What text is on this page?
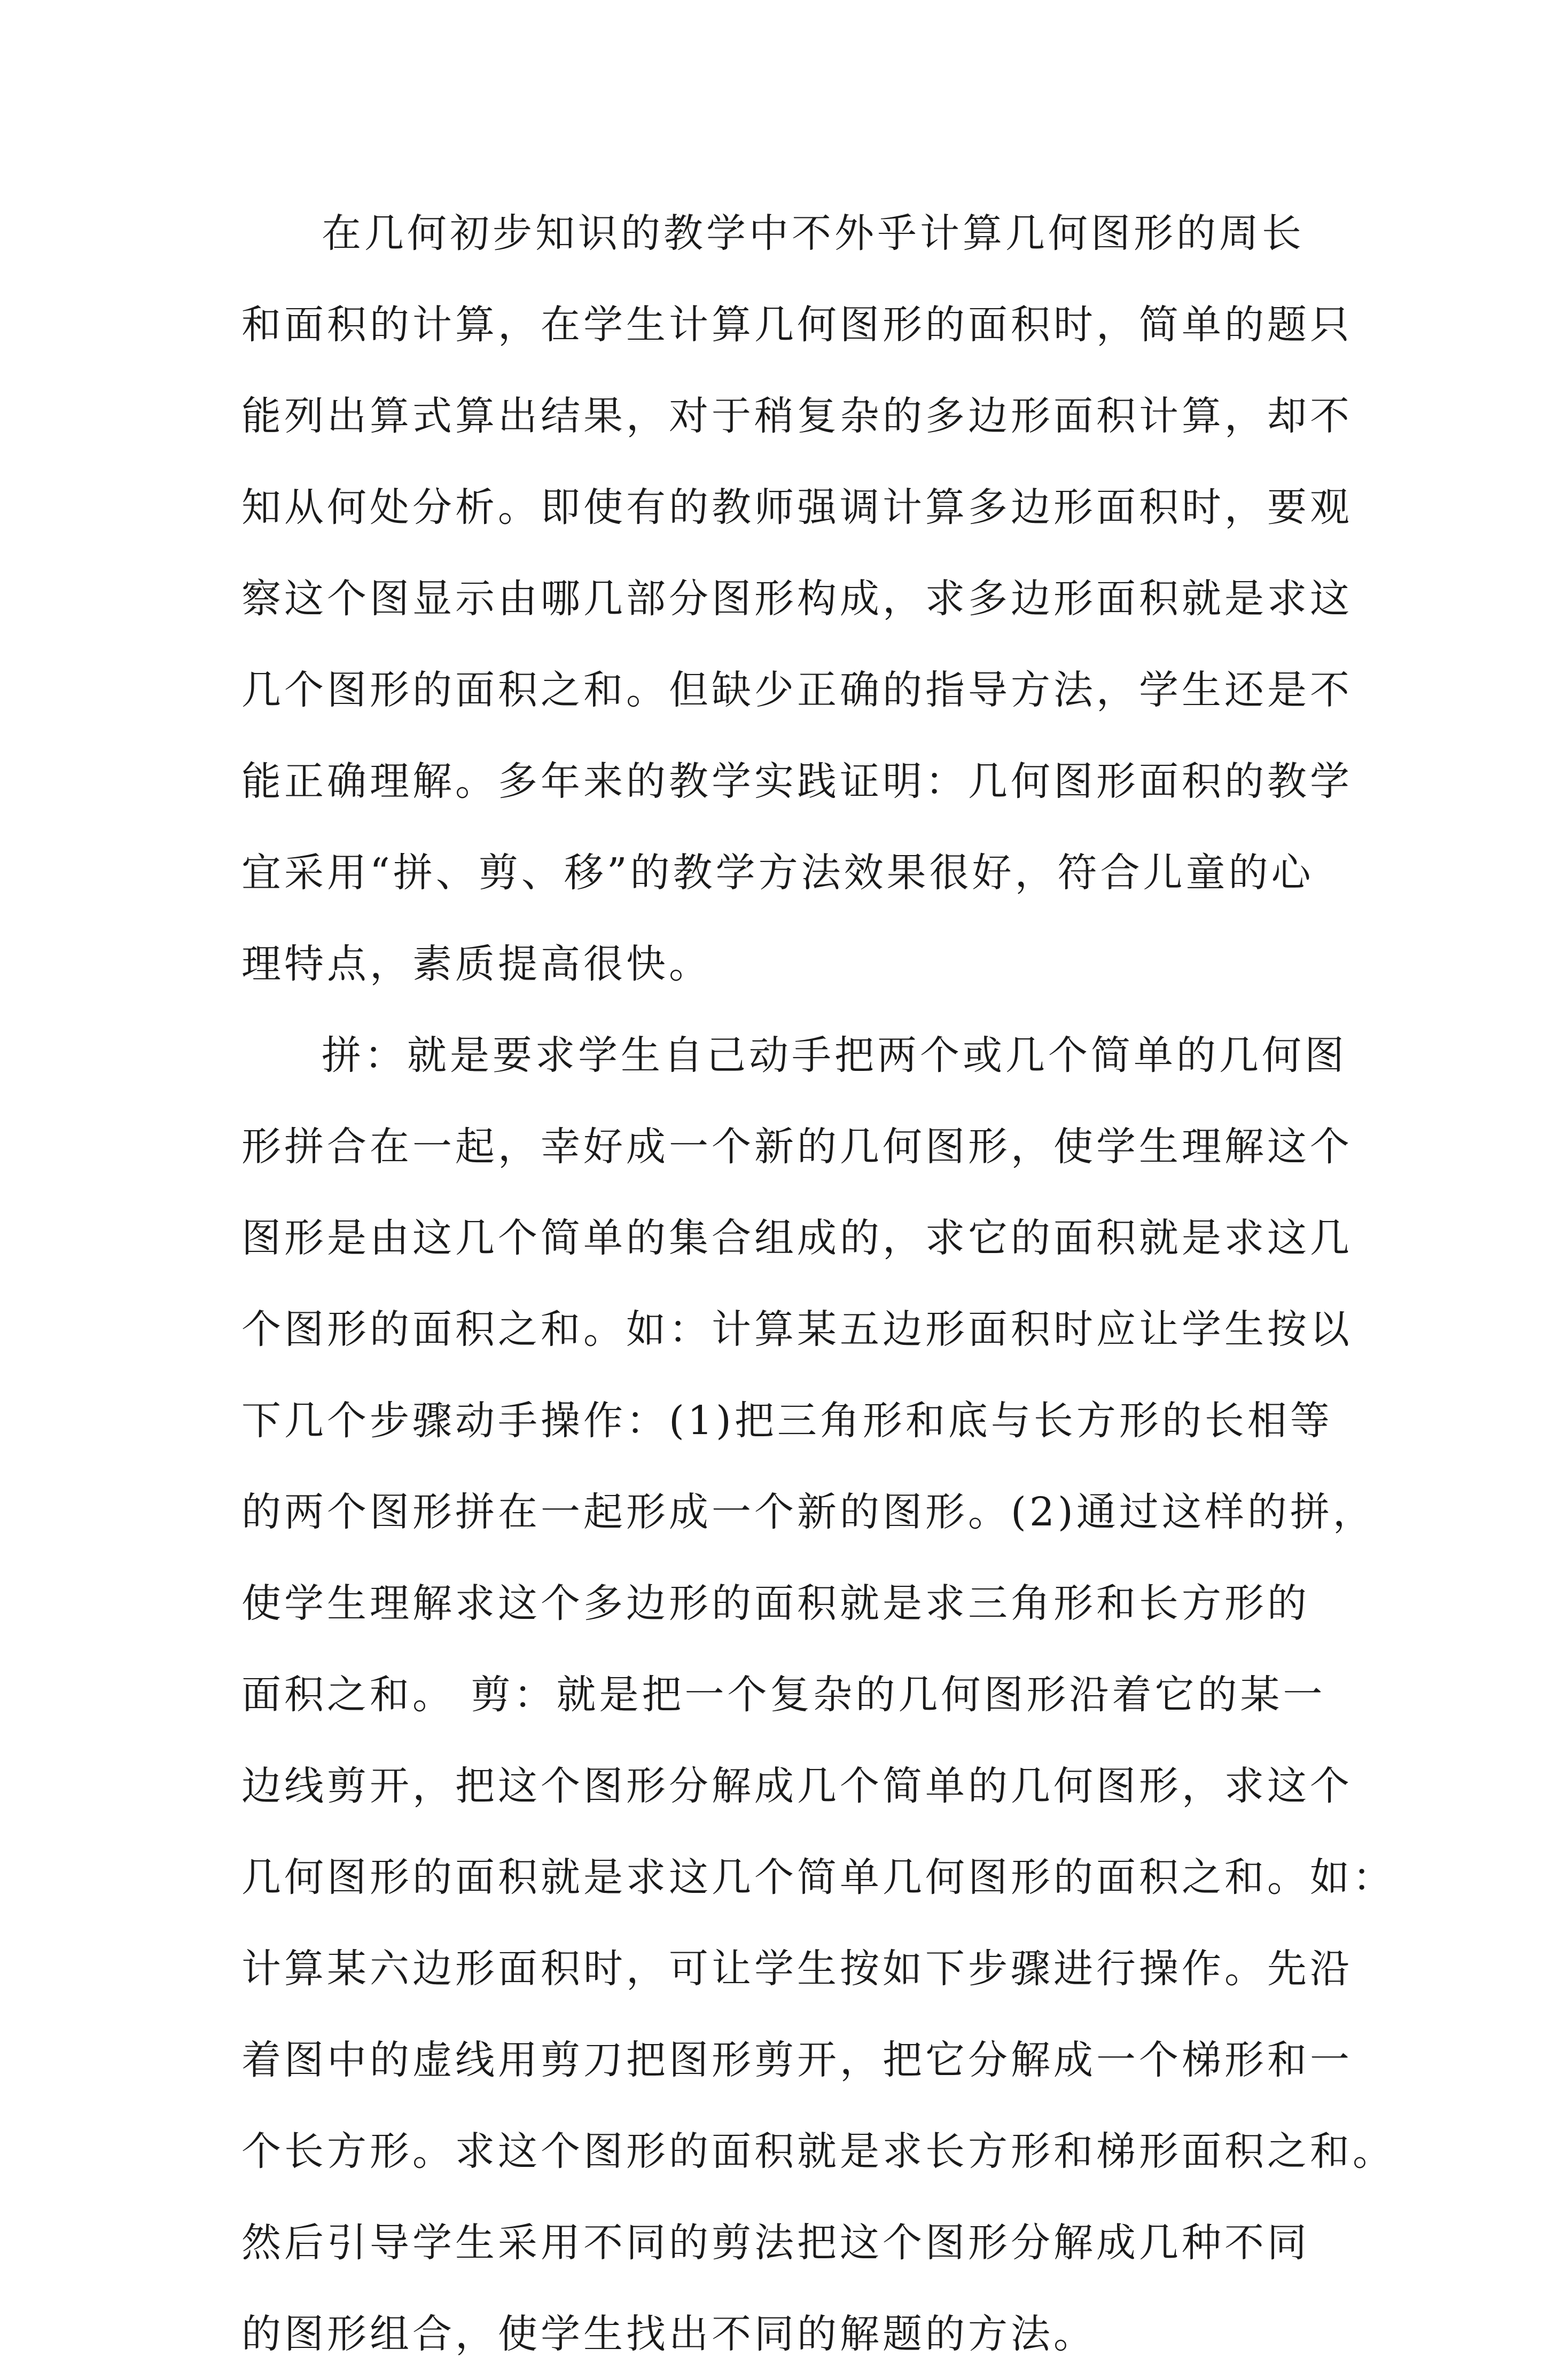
在几何初步知识的教学中不外乎计算几何图形的周长
和面积的计算，在学生计算几何图形的面积时，简单的题只
能列出算式算出结果，对于稍复杂的多边形面积计算，却不
知从何处分析。即使有的教师强调计算多边形面积时，要观
察这个图显示由哪几部分图形构成，求多边形面积就是求这
几个图形的面积之和。但缺少正确的指导方法，学生还是不
能正确理解。多年来的教学实践证明：几何图形面积的教学
宜采用“拼、剪、移”的教学方法效果很好，符合儿童的心
理特点，素质提高很快。
拼：就是要求学生自己动手把两个或几个简单的几何图
形拼合在一起，幸好成一个新的几何图形，使学生理解这个
图形是由这几个简单的集合组成的，求它的面积就是求这几
个图形的面积之和。如：计算某五边形面积时应让学生按以
下几个步骤动手操作：(1)把三角形和底与长方形的长相等
的两个图形拼在一起形成一个新的图形。(2)通过这样的拼，
使学生理解求这个多边形的面积就是求三角形和长方形的
面积之和。 剪：就是把一个复杂的几何图形沿着它的某一
边线剪开，把这个图形分解成几个简单的几何图形，求这个
几何图形的面积就是求这几个简单几何图形的面积之和。如：
计算某六边形面积时，可让学生按如下步骤进行操作。先沿
着图中的虚线用剪刀把图形剪开，把它分解成一个梯形和一
个长方形。求这个图形的面积就是求长方形和梯形面积之和。
然后引导学生采用不同的剪法把这个图形分解成几种不同
的图形组合，使学生找出不同的解题的方法。
